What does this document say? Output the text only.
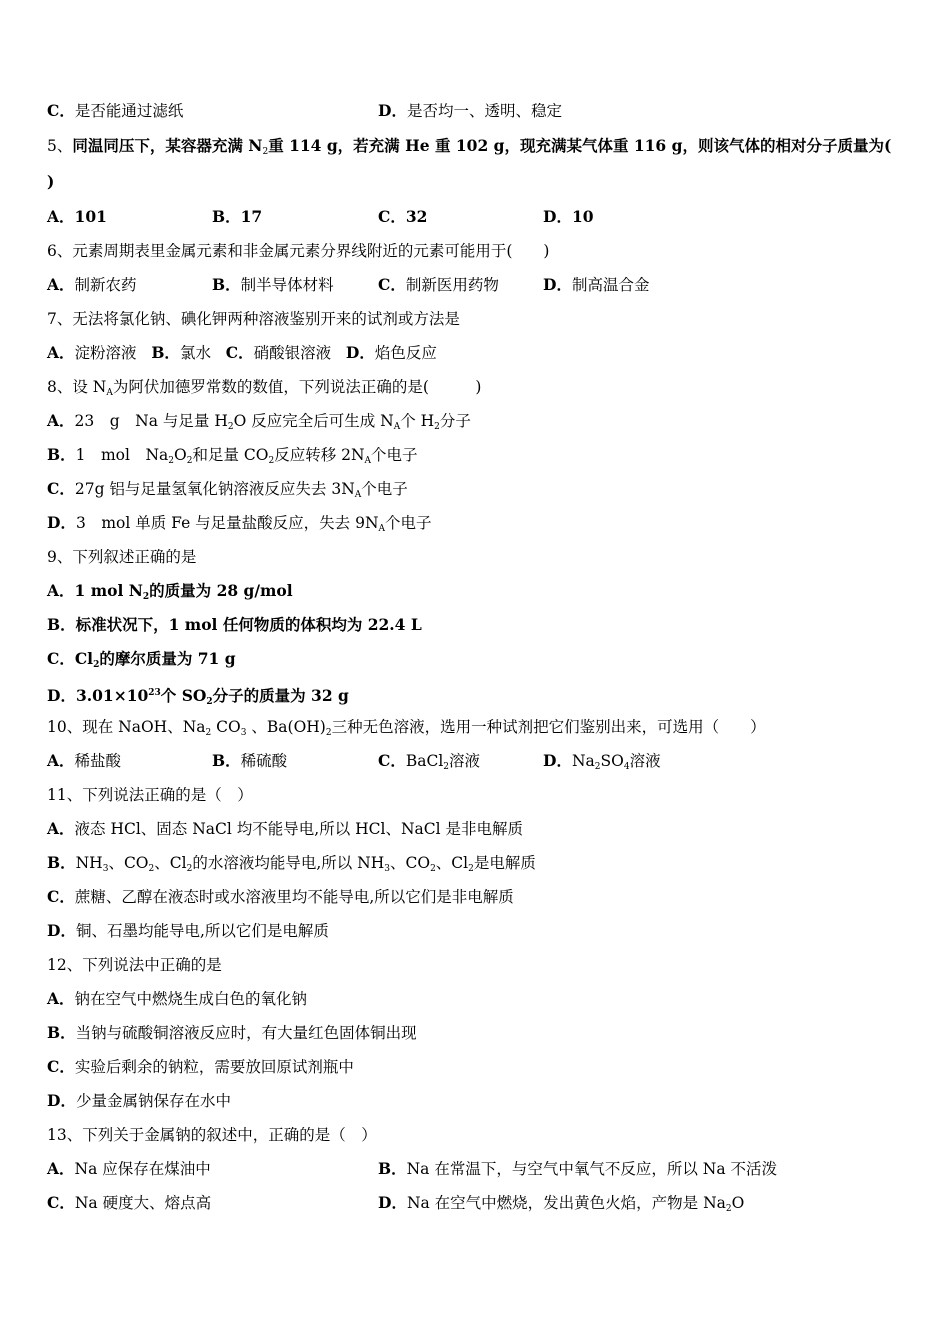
C．是否能通过滤纸	D．是否均一、透明、稳定
5、同温同压下，某容器充满 $N_2$重 114 g，若充满 He 重 102 g，现充满某气体重 116 g，则该气体的相对分子质量为(
)
A．101	B．17	C．32	D．10
6、元素周期表里金属元素和非金属元素分界线附近的元素可能用于(　　)
A．制新农药	B．制半导体材料	C．制新医用药物	D．制高温合金
7、无法将氯化钠、碘化钾两种溶液鉴别开来的试剂或方法是
A．淀粉溶液 B．氯水 C．硝酸银溶液 D．焰色反应
8、设 $N_A$为阿伏加德罗常数的数值，下列说法正确的是(　　　)
A．23　g　Na 与足量 $H_2O$ 反应完全后可生成 $N_A$个 $H_2$分子
B．1　mol　$Na_2O_2$和足量 $CO_2$反应转移 $2N_A$个电子
C．27g 铝与足量氢氧化钠溶液反应失去 $3N_A$个电子
D．3　mol 单质 Fe 与足量盐酸反应，失去 $9N_A$个电子
9、下列叙述正确的是
A．1 mol $N_2$的质量为 28 g/mol
B．标准状况下，1 mol 任何物质的体积均为 22.4 L
C．$Cl_2$的摩尔质量为 71 g
D．$3.01\times 10^{23}$个 $SO_2$分子的质量为 32 g
10、现在 NaOH、$Na_2$ $CO_3$ 、$Ba(OH)_2$三种无色溶液，选用一种试剂把它们鉴别出来，可选用（　　）
A．稀盐酸	B．稀硫酸	C．BaCl$_2$溶液	D．$Na_2SO_4$溶液
11、下列说法正确的是（　）
A．液态 HCl、固态 NaCl 均不能导电,所以 HCl、NaCl 是非电解质
B．$NH_3$、$CO_2$、$Cl_2$的水溶液均能导电,所以 $NH_3$、$CO_2$、$Cl_2$是电解质
C．蔗糖、乙醇在液态时或水溶液里均不能导电,所以它们是非电解质
D．铜、石墨均能导电,所以它们是电解质
12、下列说法中正确的是
A．钠在空气中燃烧生成白色的氧化钠
B．当钠与硫酸铜溶液反应时，有大量红色固体铜出现
C．实验后剩余的钠粒，需要放回原试剂瓶中
D．少量金属钠保存在水中
13、下列关于金属钠的叙述中，正确的是（　）
A．Na 应保存在煤油中	B．Na 在常温下，与空气中氧气不反应，所以 Na 不活泼
C．Na 硬度大、熔点高	D．Na 在空气中燃烧，发出黄色火焰，产物是 $Na_2O$
